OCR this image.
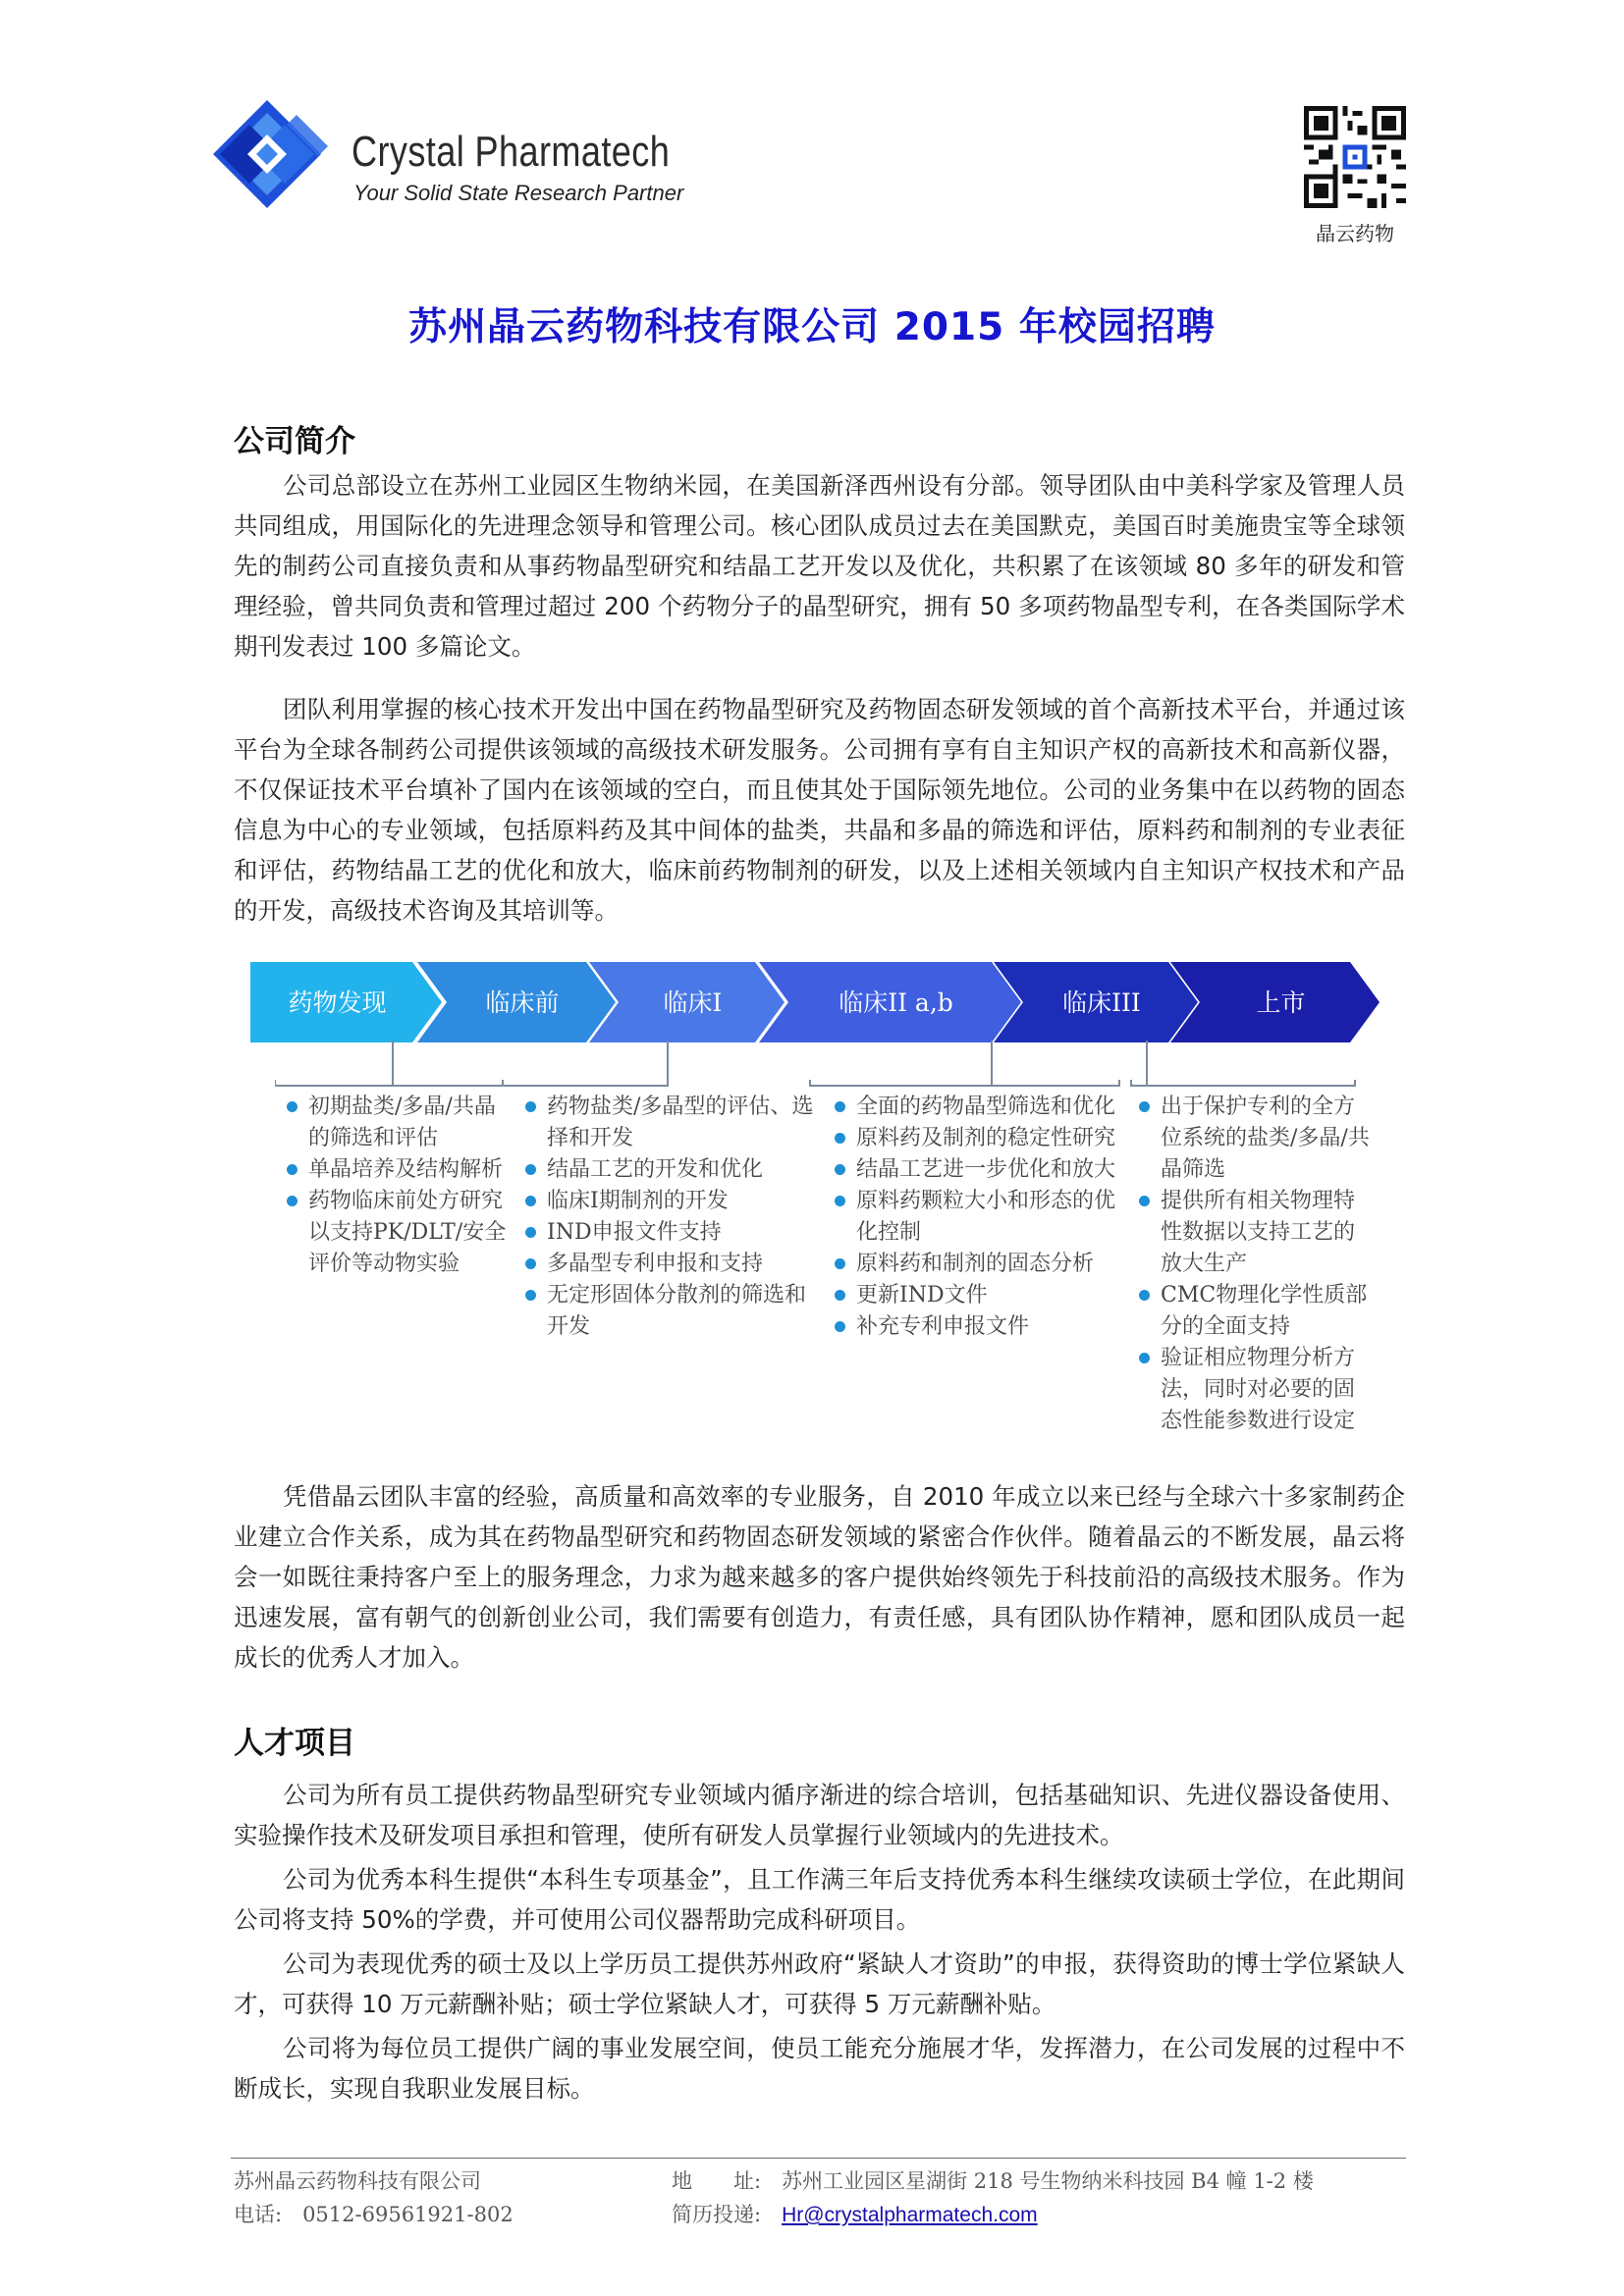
Crystal Pharmatech
Your Solid State Research Partner
晶云药物
苏州晶云药物科技有限公司 2015 年校园招聘
公司简介
公司总部设立在苏州工业园区生物纳米园，在美国新泽西州设有分部。领导团队由中美科学家及管理人员共同组成，用国际化的先进理念领导和管理公司。核心团队成员过去在美国默克，美国百时美施贵宝等全球领先的制药公司直接负责和从事药物晶型研究和结晶工艺开发以及优化，共积累了在该领域 80 多年的研发和管理经验，曾共同负责和管理过超过 200 个药物分子的晶型研究，拥有 50 多项药物晶型专利，在各类国际学术期刊发表过 100 多篇论文。
团队利用掌握的核心技术开发出中国在药物晶型研究及药物固态研发领域的首个高新技术平台，并通过该平台为全球各制药公司提供该领域的高级技术研发服务。公司拥有享有自主知识产权的高新技术和高新仪器，不仅保证技术平台填补了国内在该领域的空白，而且使其处于国际领先地位。公司的业务集中在以药物的固态信息为中心的专业领域，包括原料药及其中间体的盐类，共晶和多晶的筛选和评估，原料药和制剂的专业表征和评估，药物结晶工艺的优化和放大，临床前药物制剂的研发，以及上述相关领域内自主知识产权技术和产品的开发，高级技术咨询及其培训等。
药物发现	临床前	临床I	临床II a,b	临床III	上市
初期盐类/多晶/共晶的筛选和评估
单晶培养及结构解析
药物临床前处方研究以支持PK/DLT/安全评价等动物实验
药物盐类/多晶型的评估、选择和开发
结晶工艺的开发和优化
临床I期制剂的开发
IND申报文件支持
多晶型专利申报和支持
无定形固体分散剂的筛选和开发
全面的药物晶型筛选和优化
原料药及制剂的稳定性研究
结晶工艺进一步优化和放大
原料药颗粒大小和形态的优化控制
原料药和制剂的固态分析
更新IND文件
补充专利申报文件
出于保护专利的全方位系统的盐类/多晶/共晶筛选
提供所有相关物理特性数据以支持工艺的放大生产
CMC物理化学性质部分的全面支持
验证相应物理分析方法，同时对必要的固态性能参数进行设定
凭借晶云团队丰富的经验，高质量和高效率的专业服务，自 2010 年成立以来已经与全球六十多家制药企业建立合作关系，成为其在药物晶型研究和药物固态研发领域的紧密合作伙伴。随着晶云的不断发展，晶云将会一如既往秉持客户至上的服务理念，力求为越来越多的客户提供始终领先于科技前沿的高级技术服务。作为迅速发展，富有朝气的创新创业公司，我们需要有创造力，有责任感，具有团队协作精神，愿和团队成员一起成长的优秀人才加入。
人才项目
公司为所有员工提供药物晶型研究专业领域内循序渐进的综合培训，包括基础知识、先进仪器设备使用、实验操作技术及研发项目承担和管理，使所有研发人员掌握行业领域内的先进技术。
公司为优秀本科生提供“本科生专项基金”，且工作满三年后支持优秀本科生继续攻读硕士学位，在此期间公司将支持 50%的学费，并可使用公司仪器帮助完成科研项目。
公司为表现优秀的硕士及以上学历员工提供苏州政府“紧缺人才资助”的申报，获得资助的博士学位紧缺人才，可获得 10 万元薪酬补贴；硕士学位紧缺人才，可获得 5 万元薪酬补贴。
公司将为每位员工提供广阔的事业发展空间，使员工能充分施展才华，发挥潜力，在公司发展的过程中不断成长，实现自我职业发展目标。
苏州晶云药物科技有限公司
电话:　0512-69561921-802
地　　址:　苏州工业园区星湖街 218 号生物纳米科技园 B4 幢 1-2 楼
简历投递:　Hr@crystalpharmatech.com
